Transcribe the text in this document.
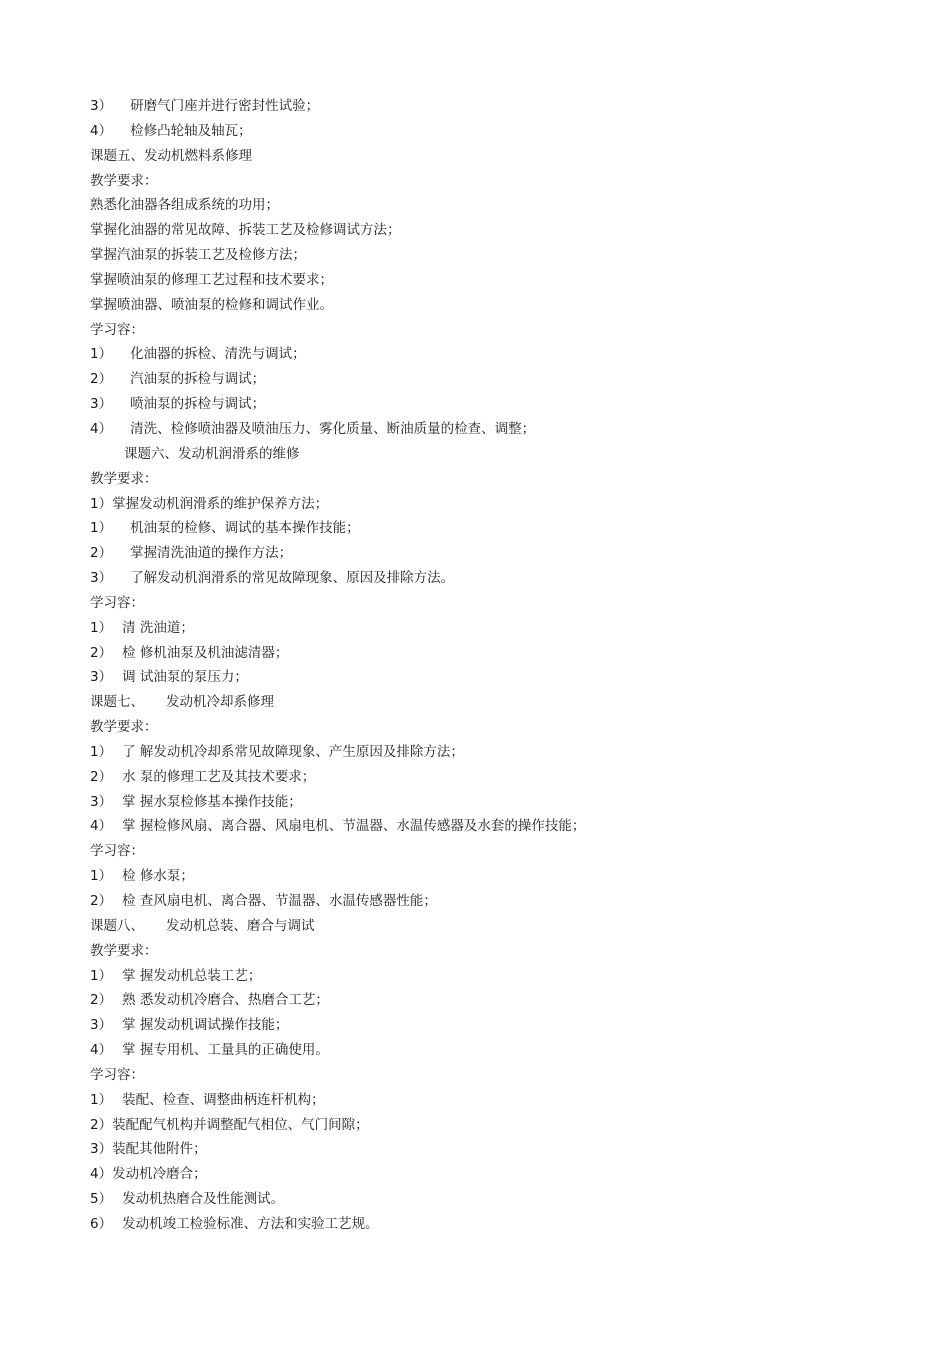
3） 研磨气门座并进行密封性试验；
4） 检修凸轮轴及轴瓦；
课题五、发动机燃料系修理
教学要求：
熟悉化油器各组成系统的功用；
掌握化油器的常见故障、拆装工艺及检修调试方法；
掌握汽油泵的拆装工艺及检修方法；
掌握喷油泵的修理工艺过程和技术要求；
掌握喷油器、喷油泵的检修和调试作业。
学习容：
1） 化油器的拆检、清洗与调试；
2） 汽油泵的拆检与调试；
3） 喷油泵的拆检与调试；
4） 清洗、检修喷油器及喷油压力、雾化质量、断油质量的检查、调整；
课题六、发动机润滑系的维修
教学要求：
1）掌握发动机润滑系的维护保养方法；
1） 机油泵的检修、调试的基本操作技能；
2） 掌握清洗油道的操作方法；
3） 了解发动机润滑系的常见故障现象、原因及排除方法。
学习容：
1） 清 洗油道；
2） 检 修机油泵及机油滤清器；
3） 调 试油泵的泵压力；
课题七、 发动机冷却系修理
教学要求：
1） 了 解发动机冷却系常见故障现象、产生原因及排除方法；
2） 水 泵的修理工艺及其技术要求；
3） 掌 握水泵检修基本操作技能；
4） 掌 握检修风扇、离合器、风扇电机、节温器、水温传感器及水套的操作技能；
学习容：
1） 检 修水泵；
2） 检 查风扇电机、离合器、节温器、水温传感器性能；
课题八、 发动机总装、磨合与调试
教学要求：
1） 掌 握发动机总装工艺；
2） 熟 悉发动机冷磨合、热磨合工艺；
3） 掌 握发动机调试操作技能；
4） 掌 握专用机、工量具的正确使用。
学习容：
1） 装配、检查、调整曲柄连杆机构；
2）装配配气机构并调整配气相位、气门间隙；
3）装配其他附件；
4）发动机冷磨合；
5） 发动机热磨合及性能测试。
6） 发动机竣工检验标准、方法和实验工艺规。
